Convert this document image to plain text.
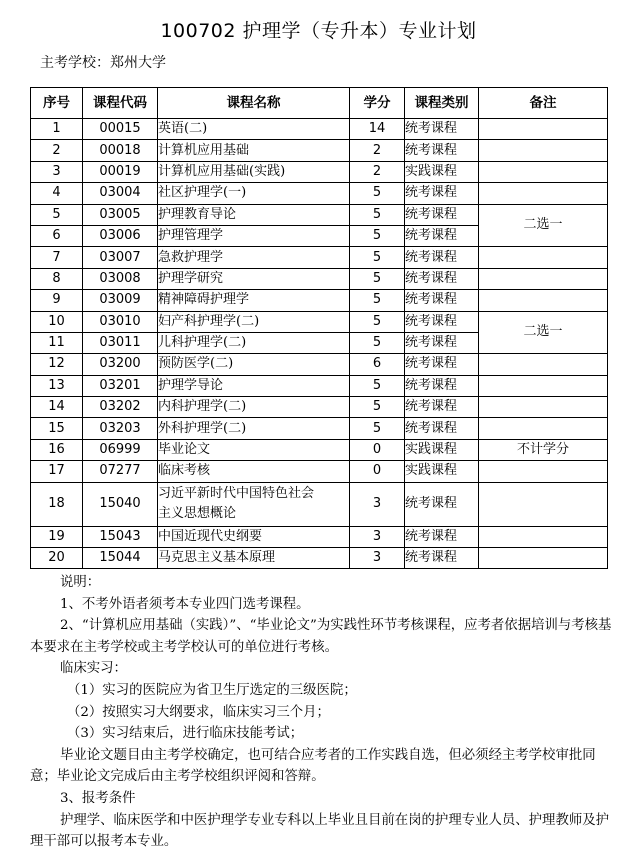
100702 护理学（专升本）专业计划
主考学校：郑州大学
序号	课程代码	课程名称	学分	课程类别	备注
1	00015	英语(二)	14	统考课程	
2	00018	计算机应用基础	2	统考课程	
3	00019	计算机应用基础(实践)	2	实践课程	
4	03004	社区护理学(一)	5	统考课程	
5	03005	护理教育导论	5	统考课程	二选一
6	03006	护理管理学	5	统考课程	
7	03007	急救护理学	5	统考课程	
8	03008	护理学研究	5	统考课程	
9	03009	精神障碍护理学	5	统考课程	
10	03010	妇产科护理学(二)	5	统考课程	二选一
11	03011	儿科护理学(二)	5	统考课程	
12	03200	预防医学(二)	6	统考课程	
13	03201	护理学导论	5	统考课程	
14	03202	内科护理学(二)	5	统考课程	
15	03203	外科护理学(二)	5	统考课程	
16	06999	毕业论文	0	实践课程	不计学分
17	07277	临床考核	0	实践课程	
18	15040	习近平新时代中国特色社会
主义思想概论	3	统考课程	
19	15043	中国近现代史纲要	3	统考课程	
20	15044	马克思主义基本原理	3	统考课程	

说明：

1、不考外语者须考本专业四门选考课程。

2、“计算机应用基础（实践）”、“毕业论文”为实践性环节考核课程，应考者依据培训与考核基本要求在主考学校或主考学校认可的单位进行考核。

临床实习：

（1）实习的医院应为省卫生厅选定的三级医院；

（2）按照实习大纲要求，临床实习三个月；

（3）实习结束后，进行临床技能考试；

毕业论文题目由主考学校确定，也可结合应考者的工作实践自选，但必须经主考学校审批同意；毕业论文完成后由主考学校组织评阅和答辩。

3、报考条件

护理学、临床医学和中医护理学专业专科以上毕业且目前在岗的护理专业人员、护理教师及护理干部可以报考本专业。
